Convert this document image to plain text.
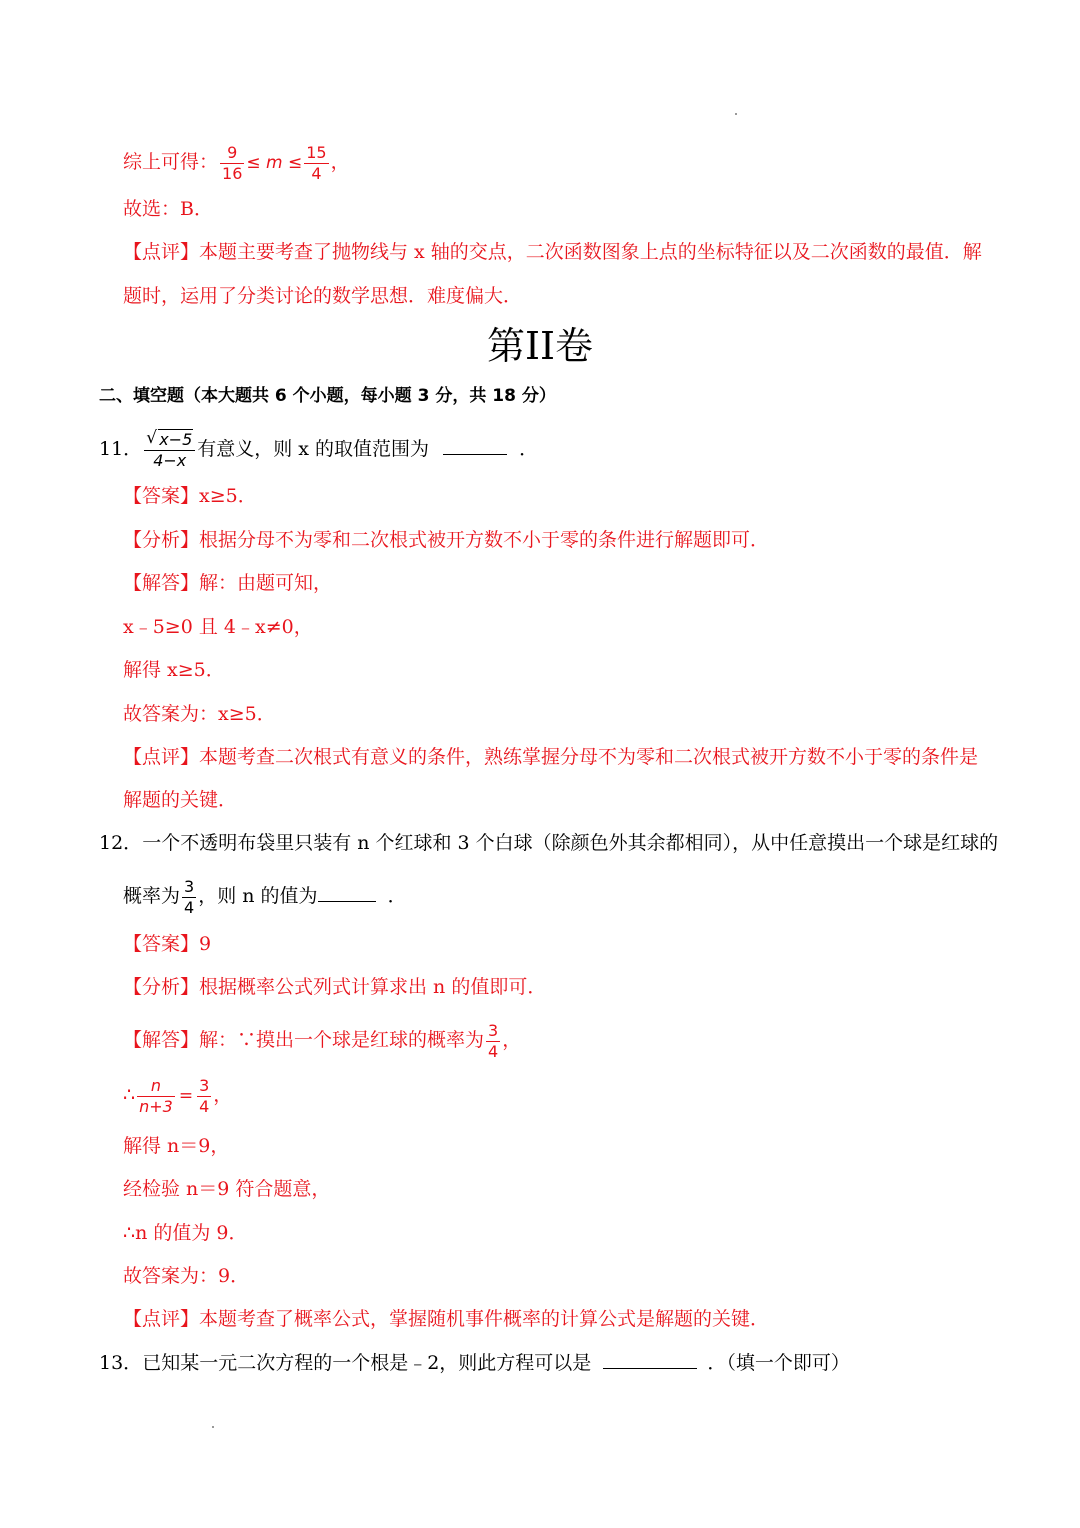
综上可得： $\frac{9}{16} \le m \le \frac{15}{4}$ ，
故选：B．
【点评】本题主要考查了抛物线与 x 轴的交点，二次函数图象上点的坐标特征以及二次函数的最值．解
题时，运用了分类讨论的数学思想．难度偏大．
第II卷
二、填空题（本大题共 6 个小题，每小题 3 分，共 18 分）
11． $\frac{√ x-5}{4-x}$ 有意义，则 x 的取值范围为	．
【答案】x≥5．
【分析】根据分母不为零和二次根式被开方数不小于零的条件进行解题即可．
【解答】解：由题可知，
x﹣5≥0 且 4﹣x≠0，
解得 x≥5．
故答案为：x≥5．
【点评】本题考查二次根式有意义的条件，熟练掌握分母不为零和二次根式被开方数不小于零的条件是
解题的关键．
12．一个不透明布袋里只装有 n 个红球和 3 个白球（除颜色外其余都相同），从中任意摸出一个球是红球的
概率为 $\frac{3}{4}$ ，则 n 的值为	．
【答案】9
【分析】根据概率公式列式计算求出 n 的值即可．
【解答】解：∵摸出一个球是红球的概率为 $\frac{3}{4}$ ，
∴ $\frac{n}{n+3} = \frac{3}{4}$ ，
解得 n＝9，
经检验 n＝9 符合题意，
∴n 的值为 9．
故答案为：9．
【点评】本题考查了概率公式，掌握随机事件概率的计算公式是解题的关键．
13．已知某一元二次方程的一个根是﹣2，则此方程可以是	．（填一个即可）
